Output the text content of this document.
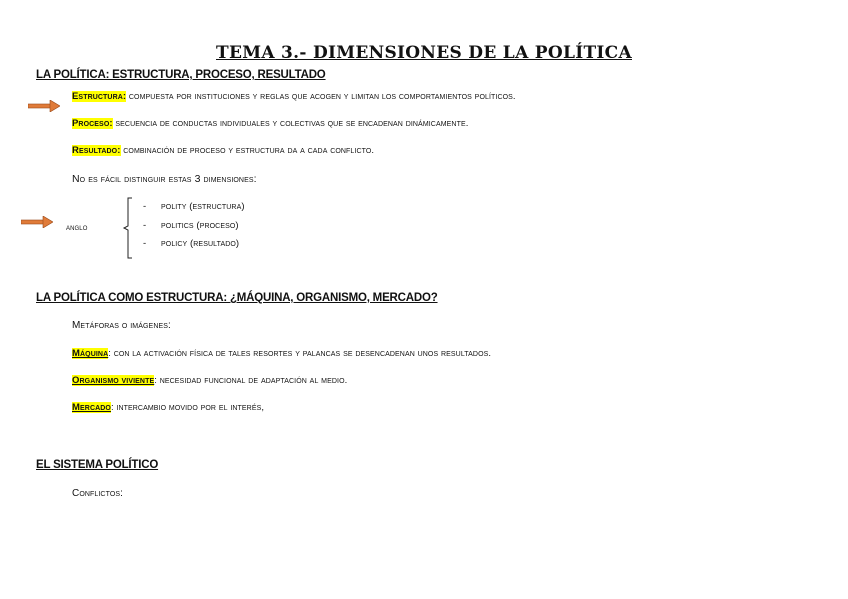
TEMA 3.- DIMENSIONES DE LA POLÍTICA
LA POLÍTICA: ESTRUCTURA, PROCESO, RESULTADO
Estructura: compuesta por instituciones y reglas que acogen y limitan los comportamientos políticos.
Proceso: secuencia de conductas individuales y colectivas que se encadenan dinámicamente.
Resultado: combinación de proceso y estructura da a cada conflicto.
No es fácil distinguir estas 3 dimensiones:
anglo
- polity (estructura)
- politics (proceso)
- policy (resultado)
LA POLÍTICA COMO ESTRUCTURA: ¿MÁQUINA, ORGANISMO, MERCADO?
Metáforas o imágenes:
Máquina: con la activación física de tales resortes y palancas se desencadenan unos resultados.
Organismo viviente: necesidad funcional de adaptación al medio.
Mercado: intercambio movido por el interés,
EL SISTEMA POLÍTICO
Conflictos:
